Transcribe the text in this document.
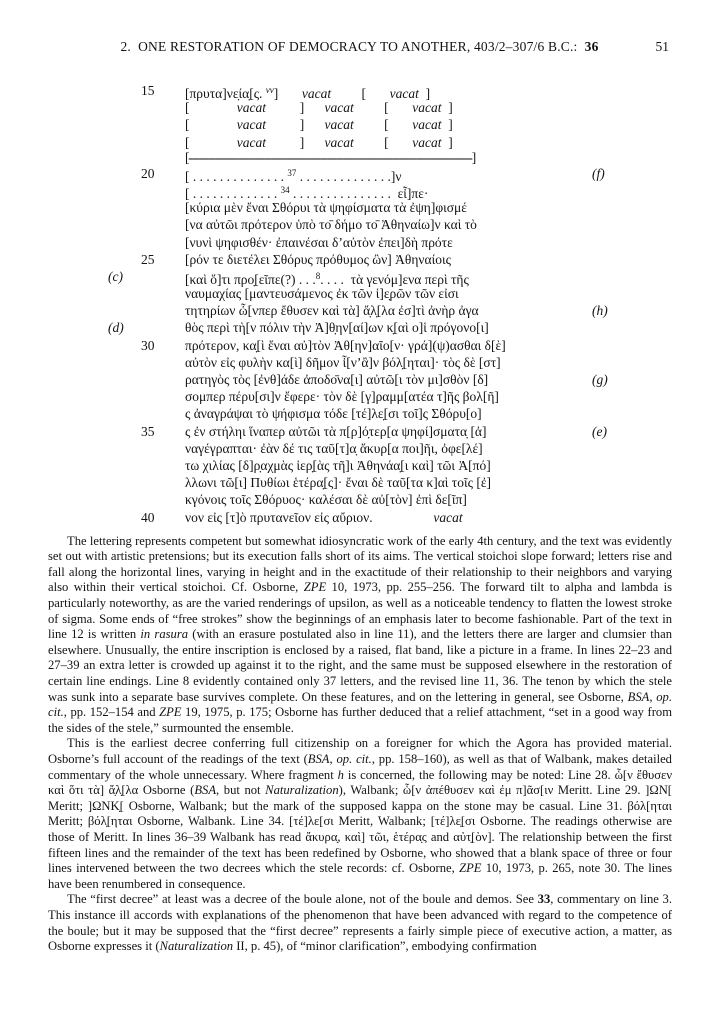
2.  ONE RESTORATION OF DEMOCRACY TO ANOTHER, 403/2–307/6 B.C.:  36	51
15 [πρυτα]νε̣ία̣[ς. $^{vv}$]       vacat         [ vacat  ]
[              vacat          ]      vacat         [ vacat  ]
[              vacat          ]      vacat         [ vacat  ]
[              vacat          ]      vacat         [ vacat  ]
[--------------------------------------------------------------------------------------]
20 [ . . . . . . . . . . . . . . $^{37}$ . . . . . . . . . . . . . .]ν	(f)
[ . . . . . . . . . . . . . $^{34}$ . . . . . . . . . . . . . . .  εἶ]πε·
[κύρια μὲν ἔναι Σθόρυι τὰ ψηφίσματα τὰ ἐψη]φισμέ
[να αὐτῶι πρότερον ὑπὸ το̄ δήμο το̄ Ἀθηναίω]ν καὶ τὸ
[νυνὶ ψηφισθέν· ἐπαινέσαι δ’αὐτὸν ἐπει]δὴ πρότε
25 [ρόν τε διετέλει Σθόρυς πρόθυμος ὢν] Ἀθηναίοις
(c)	[καὶ ὅ]τι προ̣[εῖπε(?) . . .$^8$. . . .  τὰ γενόμ]ενα περὶ τῆς
ναυμαχίας [μαντευσάμενος ἐκ τῶν ἱ]ε̣ρῶν τῶν εἰσι
τητηρίων ὧ[νπερ ἔθυσεν καὶ τὰ] ἄ̣λ̣[λα ἐσ]τὶ ἀνὴρ ἀγα	(h)
(d)	θὸς περὶ τὴ[ν πόλιν τὴν Ἀ]θ̣ην[αί]ων κ̣[αὶ ο]ἱ πρόγονο[ι]
30 πρότερον, κα̣[ὶ ἔναι αὐ]τὸν Ἀθ[ην]αῖο[ν· γρά](ψ)ασθαι δ[ὲ]
αὐτὸν εἰς φυλὴν κα[ὶ] δῆμον ἷ[ν’ἂ]ν βόλ̣[ηται]· τὸς δὲ [στ]
ρατηγὸς τὸς [ἐνθ]άδε ἀποδο̄να[ι] αὐτῶ[ι τὸν μι]σθὸν [δ]	(g)
σομπερ πέρυ[σι]ν ἔφερε· τὸν δὲ [γ]ραμμ[ατέα τ]ῆς βολ[ῆ]
ς ἀναγράψαι τὸ ψήφισμα τόδε [τέ]λε̣[σι τοῖ]ς Σθόρυ[ο]
35 ς ἐν στήληι ἵναπερ αὐτῶι τὰ π[ρ]ό̣τερ[α ψηφί]σματα̣ [ἀ]	(e)
ναγέγραπται· ἐὰν δέ τις ταῦ[τ]α̣ ἄκυρ[α ποι]ῆι, ὀφε[λέ]
τω χιλίας [δ]ρ̣αχμὰς ἱερ̣[ὰς τῆ]ι Ἀθηνάα̣[ι καὶ] τῶι Ἀ[πό]
λλωνι τῶ[ι] Πυθίωι ἑτέρα̣[ς]· ἔναι δὲ ταῦ[τα κ]αὶ τοῖς [ἐ]
κγόνοις τοῖς Σθόρυος· καλέσαι δὲ αὐ[τὸν] ἐπὶ δε[ῖπ]
40 νον εἰς [τ]ὸ πρυτανεῖον εἰς αὔριον.                  vacat

The lettering represents competent but somewhat idiosyncratic work of the early 4th century, and the text was evidently set out with artistic pretensions; but its execution falls short of its aims. The vertical stoichoi slope forward; letters rise and fall along the horizontal lines, varying in height and in the exactitude of their relationship to their neighbors and varying also within their vertical stoichoi. Cf. Osborne, ZPE 10, 1973, pp. 255–256. The forward tilt to alpha and lambda is particularly noteworthy, as are the varied renderings of upsilon, as well as a noticeable tendency to flatten the lowest stroke of sigma. Some ends of “free strokes” show the beginnings of an emphasis later to become fashionable. Part of the text in line 12 is written in rasura (with an erasure postulated also in line 11), and the letters there are larger and clumsier than elsewhere. Unusually, the entire inscription is enclosed by a raised, flat band, like a picture in a frame. In lines 22–23 and 27–39 an extra letter is crowded up against it to the right, and the same must be supposed elsewhere in the restoration of certain line endings. Line 8 evidently contained only 37 letters, and the revised line 11, 36. The tenon by which the stele was sunk into a separate base survives complete. On these features, and on the lettering in general, see Osborne, BSA, op. cit., pp. 152–154 and ZPE 19, 1975, p. 175; Osborne has further deduced that a relief attachment, “set in a good way from the sides of the stele,” surmounted the ensemble.

This is the earliest decree conferring full citizenship on a foreigner for which the Agora has provided material. Osborne’s full account of the readings of the text (BSA, op. cit., pp. 158–160), as well as that of Walbank, makes detailed commentary of the whole unnecessary. Where fragment h is concerned, the following may be noted: Line 28. ὧ[ν ἔθυσεν καὶ ὅτι τὰ] ἄ̣λ̣[λα Osborne (BSA, but not Naturalization), Walbank; ὧ[ν ἀπέθυσεν καὶ ἐμ π]ᾶσ[ιν Meritt. Line 29. ]ΩΝ[ Meritt; ]ΩΝΚ̣[ Osborne, Walbank; but the mark of the supposed kappa on the stone may be casual. Line 31. βόλ[ηται Meritt; βόλ̣[ηται Osborne, Walbank. Line 34. [τέ]λε[σι Meritt, Walbank; [τέ]λε̣[σι Osborne. The readings otherwise are those of Meritt. In lines 36–39 Walbank has read ἄκυρα̣, καὶ] τῶι, ἑτέρα̣ς and αὐτ̣[ὸν]. The relationship between the first fifteen lines and the remainder of the text has been redefined by Osborne, who showed that a blank space of three or four lines intervened between the two decrees which the stele records: cf. Osborne, ZPE 10, 1973, p. 265, note 30. The lines have been renumbered in consequence.

The “first decree” at least was a decree of the boule alone, not of the boule and demos. See 33, commentary on line 3. This instance ill accords with explanations of the phenomenon that have been advanced with regard to the competence of the boule; but it may be supposed that the “first decree” represents a fairly simple piece of executive action, a matter, as Osborne expresses it (Naturalization II, p. 45), of “minor clarification”, embodying confirmation
